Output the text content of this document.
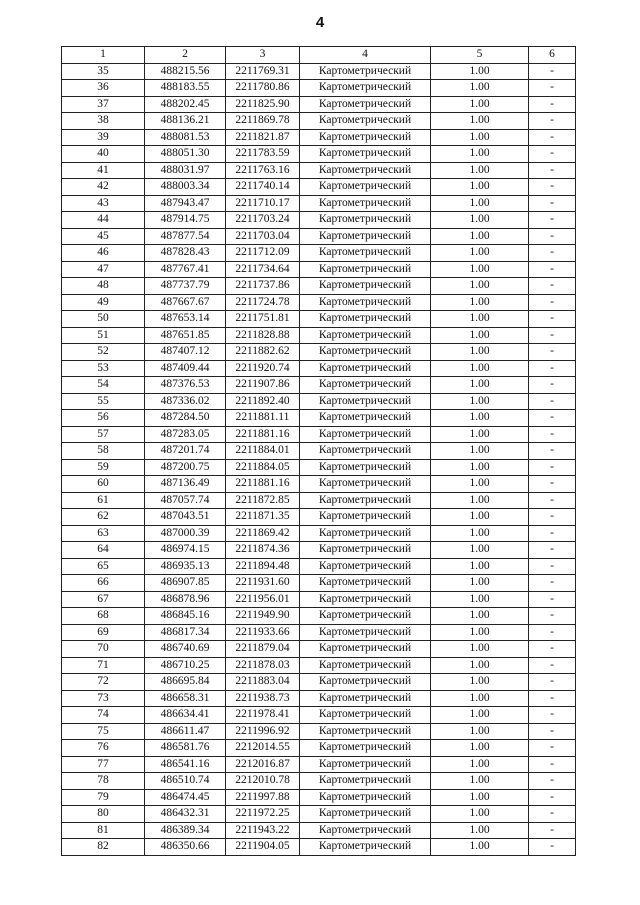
4
1	2	3	4	5	6
35	488215.56	2211769.31	Картометрический	1.00	-
36	488183.55	2211780.86	Картометрический	1.00	-
37	488202.45	2211825.90	Картометрический	1.00	-
38	488136.21	2211869.78	Картометрический	1.00	-
39	488081.53	2211821.87	Картометрический	1.00	-
40	488051.30	2211783.59	Картометрический	1.00	-
41	488031.97	2211763.16	Картометрический	1.00	-
42	488003.34	2211740.14	Картометрический	1.00	-
43	487943.47	2211710.17	Картометрический	1.00	-
44	487914.75	2211703.24	Картометрический	1.00	-
45	487877.54	2211703.04	Картометрический	1.00	-
46	487828.43	2211712.09	Картометрический	1.00	-
47	487767.41	2211734.64	Картометрический	1.00	-
48	487737.79	2211737.86	Картометрический	1.00	-
49	487667.67	2211724.78	Картометрический	1.00	-
50	487653.14	2211751.81	Картометрический	1.00	-
51	487651.85	2211828.88	Картометрический	1.00	-
52	487407.12	2211882.62	Картометрический	1.00	-
53	487409.44	2211920.74	Картометрический	1.00	-
54	487376.53	2211907.86	Картометрический	1.00	-
55	487336.02	2211892.40	Картометрический	1.00	-
56	487284.50	2211881.11	Картометрический	1.00	-
57	487283.05	2211881.16	Картометрический	1.00	-
58	487201.74	2211884.01	Картометрический	1.00	-
59	487200.75	2211884.05	Картометрический	1.00	-
60	487136.49	2211881.16	Картометрический	1.00	-
61	487057.74	2211872.85	Картометрический	1.00	-
62	487043.51	2211871.35	Картометрический	1.00	-
63	487000.39	2211869.42	Картометрический	1.00	-
64	486974.15	2211874.36	Картометрический	1.00	-
65	486935.13	2211894.48	Картометрический	1.00	-
66	486907.85	2211931.60	Картометрический	1.00	-
67	486878.96	2211956.01	Картометрический	1.00	-
68	486845.16	2211949.90	Картометрический	1.00	-
69	486817.34	2211933.66	Картометрический	1.00	-
70	486740.69	2211879.04	Картометрический	1.00	-
71	486710.25	2211878.03	Картометрический	1.00	-
72	486695.84	2211883.04	Картометрический	1.00	-
73	486658.31	2211938.73	Картометрический	1.00	-
74	486634.41	2211978.41	Картометрический	1.00	-
75	486611.47	2211996.92	Картометрический	1.00	-
76	486581.76	2212014.55	Картометрический	1.00	-
77	486541.16	2212016.87	Картометрический	1.00	-
78	486510.74	2212010.78	Картометрический	1.00	-
79	486474.45	2211997.88	Картометрический	1.00	-
80	486432.31	2211972.25	Картометрический	1.00	-
81	486389.34	2211943.22	Картометрический	1.00	-
82	486350.66	2211904.05	Картометрический	1.00	-
